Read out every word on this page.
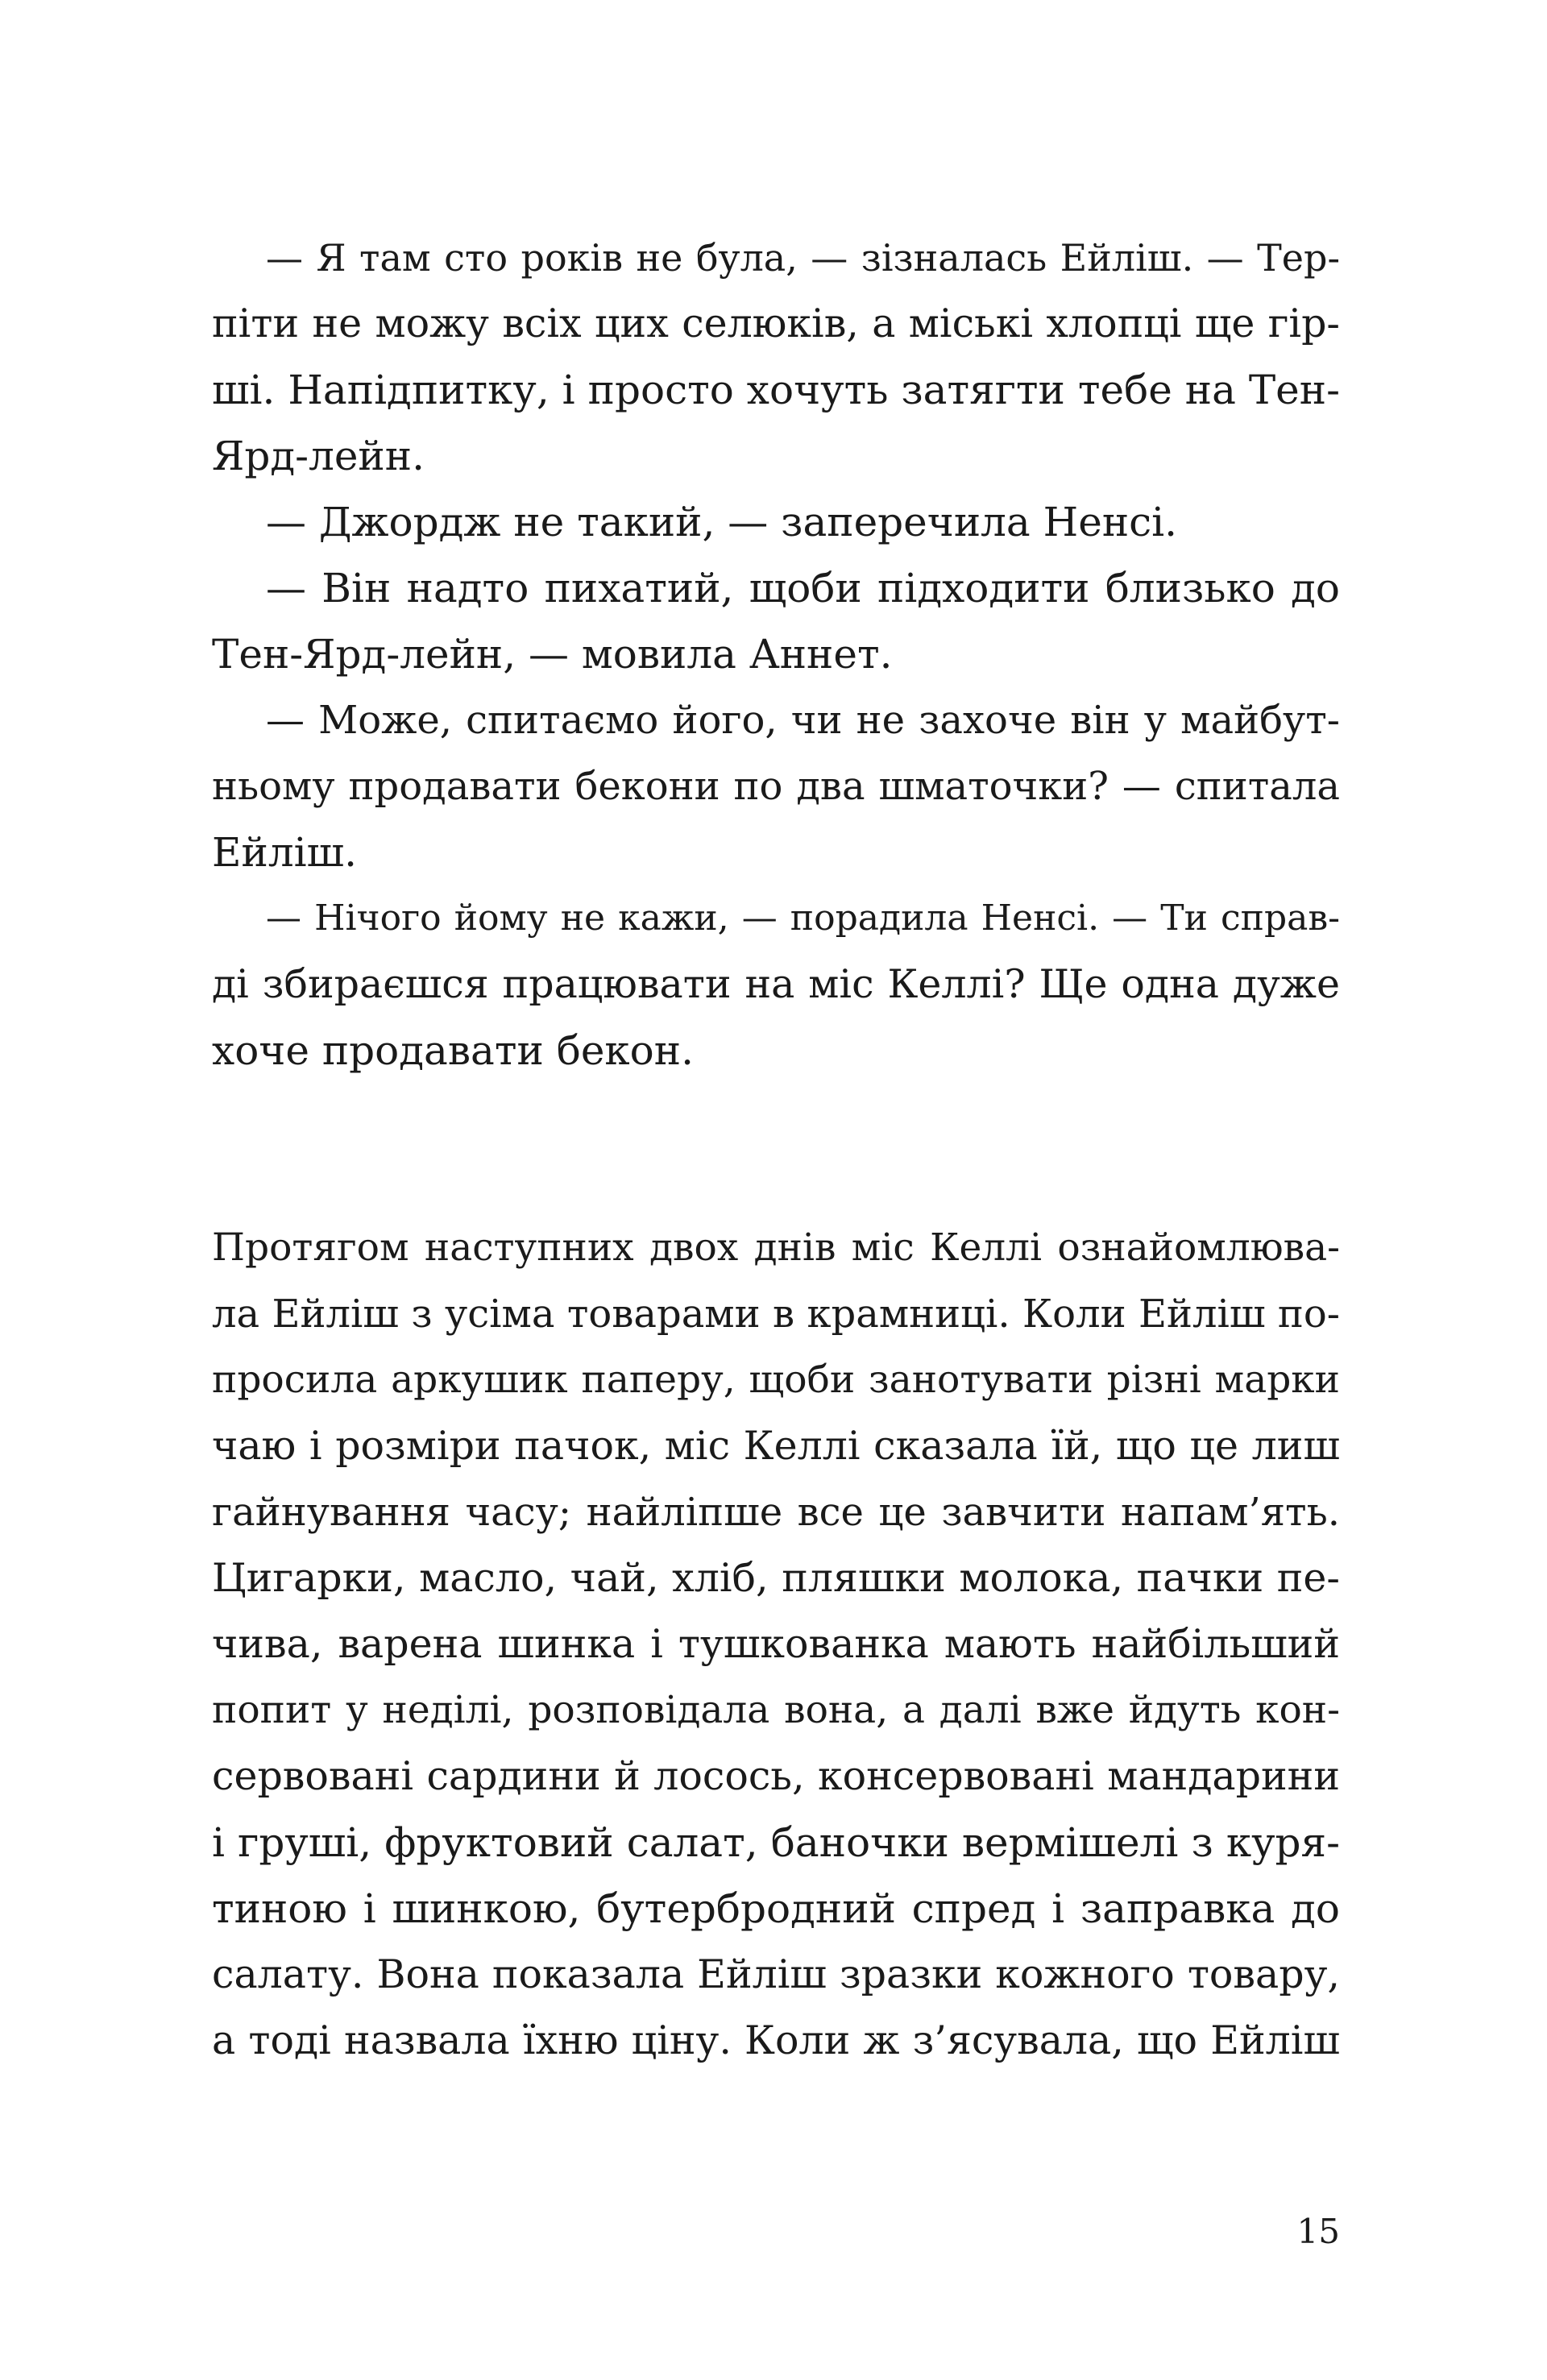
— Я там сто років не була, — зізналась Ейліш. — Тер-
піти не можу всіх цих селюків, а міські хлопці ще гір-
ші. Напідпитку, і просто хочуть затягти тебе на Тен-
Ярд-лейн.
— Джордж не такий, — заперечила Ненсі.
— Він надто пихатий, щоби підходити близько до
Тен-Ярд-лейн, — мовила Аннет.
— Може, спитаємо його, чи не захоче він у майбут-
ньому продавати бекони по два шматочки? — спитала
Ейліш.
— Нічого йому не кажи, — порадила Ненсі. — Ти справ-
ді збираєшся працювати на міс Келлі? Ще одна дуже
хоче продавати бекон.
Протягом наступних двох днів міс Келлі ознайомлюва-
ла Ейліш з усіма товарами в крамниці. Коли Ейліш по-
просила аркушик паперу, щоби занотувати різні марки
чаю і розміри пачок, міс Келлі сказала їй, що це лиш
гайнування часу; найліпше все це завчити напам’ять.
Цигарки, масло, чай, хліб, пляшки молока, пачки пе-
чива, варена шинка і тушкованка мають найбільший
попит у неділі, розповідала вона, а далі вже йдуть кон-
сервовані сардини й лосось, консервовані мандарини
і груші, фруктовий салат, баночки вермішелі з куря-
тиною і шинкою, бутербродний спред і заправка до
салату. Вона показала Ейліш зразки кожного товару,
а тоді назвала їхню ціну. Коли ж з’ясувала, що Ейліш
15
